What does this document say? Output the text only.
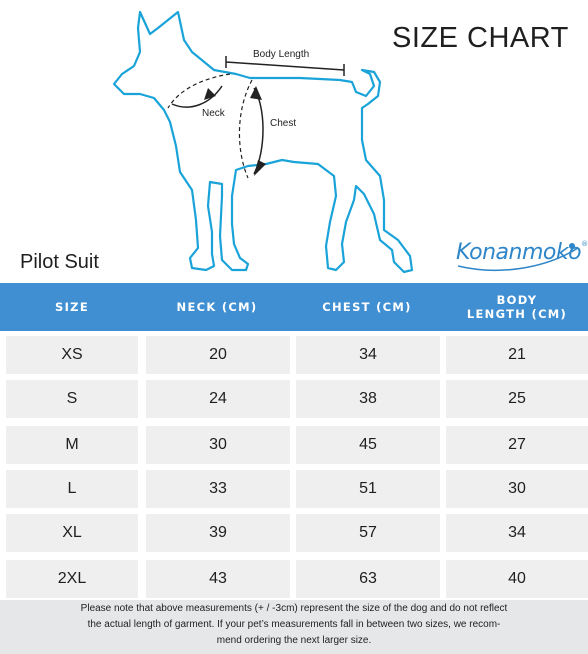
Body Length
Neck
Chest
SIZE CHART
Pilot Suit	Konanmoko®
SIZE	NECK (CM)	CHEST (CM)	BODY LENGTH (CM)
XS	20	34	21
S	24	38	25
M	30	45	27
L	33	51	30
XL	39	57	34
2XL	43	63	40
Please note that above measurements (+ / -3cm) represent the size of the dog and do not reflect
the actual length of garment. If your pet’s measurements fall in between two sizes, we recom-
mend ordering the next larger size.
